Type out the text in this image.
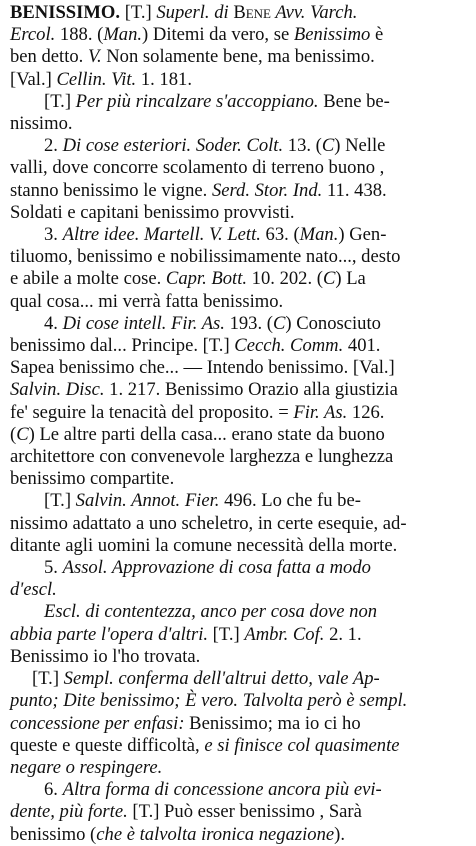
BENISSIMO. [T.] Superl. di Bene Avv. Varch.
Ercol. 188. (Man.) Ditemi da vero, se Benissimo è
ben detto. V. Non solamente bene, ma benissimo.
[Val.] Cellin. Vit. 1. 181.
[T.] Per più rincalzare s'accoppiano. Bene be-
nissimo.
2. Di cose esteriori. Soder. Colt. 13. (C) Nelle
valli, dove concorre scolamento di terreno buono ,
stanno benissimo le vigne. Serd. Stor. Ind. 11. 438.
Soldati e capitani benissimo provvisti.
3. Altre idee. Martell. V. Lett. 63. (Man.) Gen-
tiluomo, benissimo e nobilissimamente nato..., desto
e abile a molte cose. Capr. Bott. 10. 202. (C) La
qual cosa... mi verrà fatta benissimo.
4. Di cose intell. Fir. As. 193. (C) Conosciuto
benissimo dal... Principe. [T.] Cecch. Comm. 401.
Sapea benissimo che... — Intendo benissimo. [Val.]
Salvin. Disc. 1. 217. Benissimo Orazio alla giustizia
fe' seguire la tenacità del proposito. = Fir. As. 126.
(C) Le altre parti della casa... erano state da buono
architettore con convenevole larghezza e lunghezza
benissimo compartite.
[T.] Salvin. Annot. Fier. 496. Lo che fu be-
nissimo adattato a uno scheletro, in certe esequie, ad-
ditante agli uomini la comune necessità della morte.
5. Assol. Approvazione di cosa fatta a modo
d'escl.
Escl. di contentezza, anco per cosa dove non
abbia parte l'opera d'altri. [T.] Ambr. Cof. 2. 1.
Benissimo io l'ho trovata.
[T.] Sempl. conferma dell'altrui detto, vale Ap-
punto; Dite benissimo; È vero. Talvolta però è sempl.
concessione per enfasi: Benissimo; ma io ci ho
queste e queste difficoltà, e si finisce col quasimente
negare o respingere.
6. Altra forma di concessione ancora più evi-
dente, più forte. [T.] Può esser benissimo , Sarà
benissimo (che è talvolta ironica negazione).
